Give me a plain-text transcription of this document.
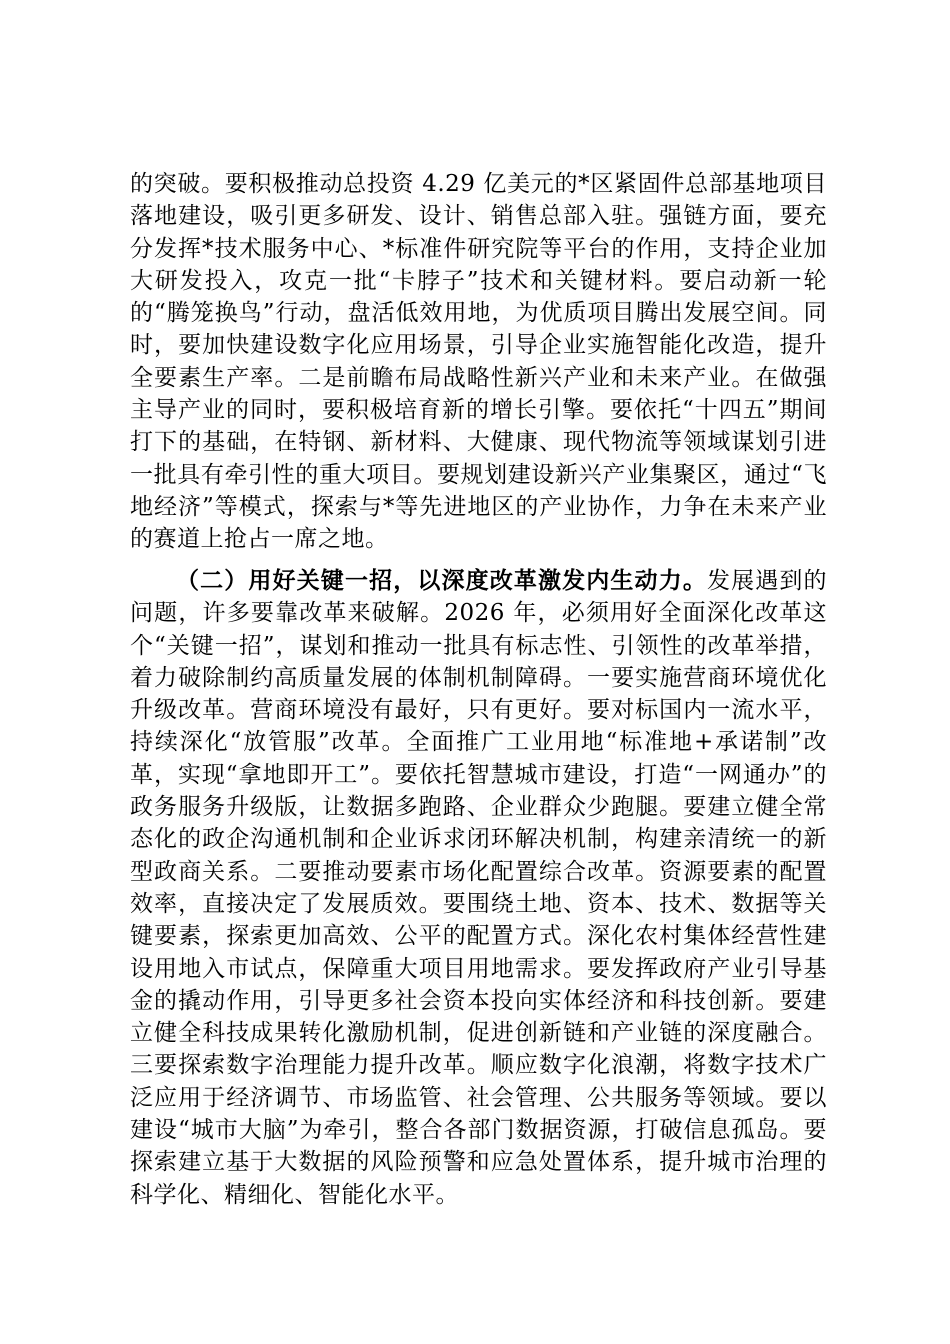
的突破。要积极推动总投资 4.29 亿美元的*区紧固件总部基地项目落地建设，吸引更多研发、设计、销售总部入驻。强链方面，要充分发挥*技术服务中心、*标准件研究院等平台的作用，支持企业加大研发投入，攻克一批“卡脖子”技术和关键材料。要启动新一轮的“腾笼换鸟”行动，盘活低效用地，为优质项目腾出发展空间。同时，要加快建设数字化应用场景，引导企业实施智能化改造，提升全要素生产率。二是前瞻布局战略性新兴产业和未来产业。在做强主导产业的同时，要积极培育新的增长引擎。要依托“十四五”期间打下的基础，在特钢、新材料、大健康、现代物流等领域谋划引进一批具有牵引性的重大项目。要规划建设新兴产业集聚区，通过“飞地经济”等模式，探索与*等先进地区的产业协作，力争在未来产业的赛道上抢占一席之地。

（二）用好关键一招，以深度改革激发内生动力。发展遇到的问题，许多要靠改革来破解。2026 年，必须用好全面深化改革这个“关键一招”，谋划和推动一批具有标志性、引领性的改革举措，着力破除制约高质量发展的体制机制障碍。一要实施营商环境优化升级改革。营商环境没有最好，只有更好。要对标国内一流水平，持续深化“放管服”改革。全面推广工业用地“标准地+承诺制”改革，实现“拿地即开工”。要依托智慧城市建设，打造“一网通办”的政务服务升级版，让数据多跑路、企业群众少跑腿。要建立健全常态化的政企沟通机制和企业诉求闭环解决机制，构建亲清统一的新型政商关系。二要推动要素市场化配置综合改革。资源要素的配置效率，直接决定了发展质效。要围绕土地、资本、技术、数据等关键要素，探索更加高效、公平的配置方式。深化农村集体经营性建设用地入市试点，保障重大项目用地需求。要发挥政府产业引导基金的撬动作用，引导更多社会资本投向实体经济和科技创新。要建立健全科技成果转化激励机制，促进创新链和产业链的深度融合。三要探索数字治理能力提升改革。顺应数字化浪潮，将数字技术广泛应用于经济调节、市场监管、社会管理、公共服务等领域。要以建设“城市大脑”为牵引，整合各部门数据资源，打破信息孤岛。要探索建立基于大数据的风险预警和应急处置体系，提升城市治理的科学化、精细化、智能化水平。
